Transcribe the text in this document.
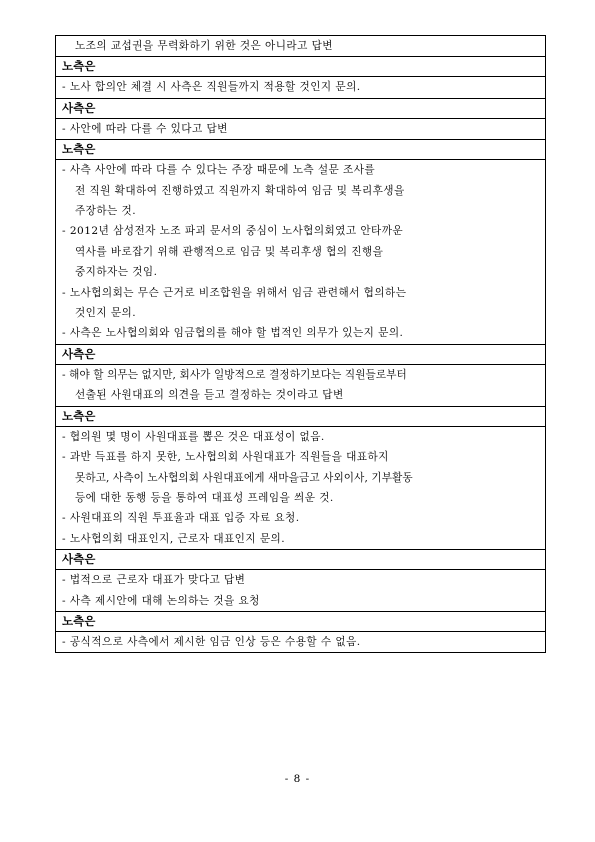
노조의 교섭권을 무력화하기 위한 것은 아니라고 답변

노측은

- 노사 합의안 체결 시 사측은 직원들까지 적용할 것인지 문의.

사측은

- 사안에 따라 다를 수 있다고 답변

노측은

- 사측 사안에 따라 다를 수 있다는 주장 때문에 노측 설문 조사를
전 직원 확대하여 진행하였고 직원까지 확대하여 임금 및 복리후생을
주장하는 것.
- 2012년 삼성전자 노조 파괴 문서의 중심이 노사협의회였고 안타까운
역사를 바로잡기 위해 관행적으로 임금 및 복리후생 협의 진행을
중지하자는 것임.
- 노사협의회는 무슨 근거로 비조합원을 위해서 임금 관련해서 협의하는
것인지 문의.
- 사측은 노사협의회와 임금협의를 해야 할 법적인 의무가 있는지 문의.

사측은

- 해야 할 의무는 없지만, 회사가 일방적으로 결정하기보다는 직원들로부터
선출된 사원대표의 의견을 듣고 결정하는 것이라고 답변

노측은

- 협의원 몇 명이 사원대표를 뽑은 것은 대표성이 없음.
- 과반 득표를 하지 못한, 노사협의회 사원대표가 직원들을 대표하지
못하고, 사측이 노사협의회 사원대표에게 새마을금고 사외이사, 기부활동
등에 대한 동행 등을 통하여 대표성 프레임을 씌운 것.
- 사원대표의 직원 투표율과 대표 입증 자료 요청.
- 노사협의회 대표인지, 근로자 대표인지 문의.

사측은

- 법적으로 근로자 대표가 맞다고 답변
- 사측 제시안에 대해 논의하는 것을 요청

노측은

- 공식적으로 사측에서 제시한 임금 인상 등은 수용할 수 없음.
- 8 -
